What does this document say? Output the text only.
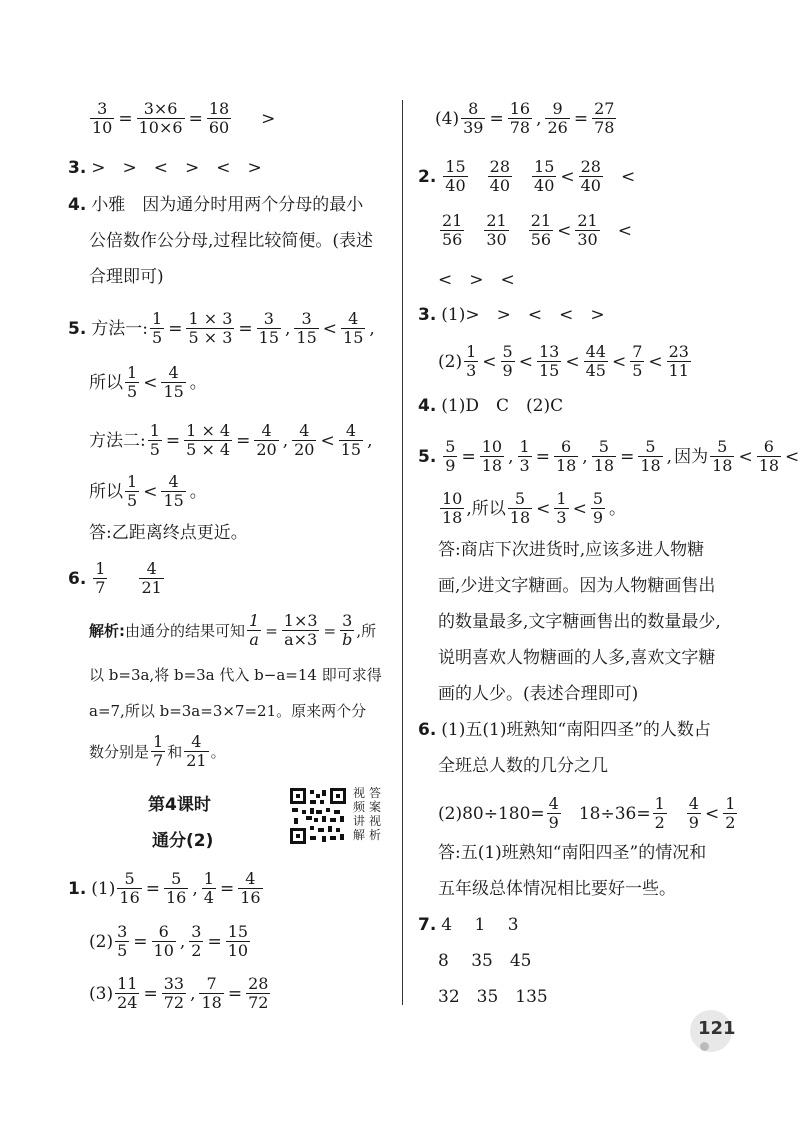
$\frac{3}{10} = \frac{3\times 6}{10\times 6} = \frac{18}{60}$ >
3. >　>　<　>　<　>
4. 小雅　因为通分时用两个分母的最小
公倍数作公分母,过程比较简便。(表述
合理即可)
5. 方法一: $\frac{1}{5} = \frac{1 \times 3}{5 \times 3} = \frac{3}{15}$ , $\frac{3}{15} < \frac{4}{15}$ ,
所以 $\frac{1}{5} < \frac{4}{15}$ 。
方法二: $\frac{1}{5} = \frac{1 \times 4}{5 \times 4} = \frac{4}{20}$ , $\frac{4}{20} < \frac{4}{15}$ ,
所以 $\frac{1}{5} < \frac{4}{15}$ 。
答:乙距离终点更近。
6. $\frac{1}{7} \frac{4}{21}$
解析: 由通分的结果可知 $\frac{1}{a} = \frac{1\times 3}{a\times 3} = \frac{3}{b}$ ,所
以 b=3a,将 b=3a 代入 b−a=14 即可求得
a=7,所以 b=3a=3×7=21。原来两个分
数分别是 $\frac{1}{7}$ 和 $\frac{4}{21}$ 。
第4课时
通分(2)
视
频
讲
解
答
案
视
析
1. $(1) \frac{5}{16} = \frac{5}{16}$ , $\frac{1}{4} = \frac{4}{16}$
$(2) \frac{3}{5} = \frac{6}{10}$ , $\frac{3}{2} = \frac{15}{10}$
$(3) \frac{11}{24} = \frac{33}{72}$ , $\frac{7}{18} = \frac{28}{72}$
$(4) \frac{8}{39} = \frac{16}{78}$ , $\frac{9}{26} = \frac{27}{78}$
2. $\frac{15}{40} \frac{28}{40} \frac{15}{40} < \frac{28}{40}$ <
$\frac{21}{56} \frac{21}{30} \frac{21}{56} < \frac{21}{30}$ <
<　>　<
3. (1)>　>　<　<　>
$(2) \frac{1}{3} < \frac{5}{9} < \frac{13}{15} < \frac{44}{45} < \frac{7}{5} < \frac{23}{11}$
4. (1)D　C　(2)C
5. $\frac{5}{9} = \frac{10}{18}$ , $\frac{1}{3} = \frac{6}{18}$ , $\frac{5}{18} = \frac{5}{18}$ , 因为 $\frac{5}{18} < \frac{6}{18}$ <
$\frac{10}{18}$ ,所以 $\frac{5}{18} < \frac{1}{3} < \frac{5}{9}$ 。
答:商店下次进货时,应该多进人物糖
画,少进文字糖画。因为人物糖画售出
的数量最多,文字糖画售出的数量最少,
说明喜欢人物糖画的人多,喜欢文字糖
画的人少。(表述合理即可)
6. (1)五(1)班熟知“南阳四圣”的人数占
全班总人数的几分之几
$(2)80\div 180= \frac{4}{9} 18\div 36= \frac{1}{2} \frac{4}{9} < \frac{1}{2}$
答:五(1)班熟知“南阳四圣”的情况和
五年级总体情况相比要好一些。
7. 4　 1　 3
8　 35　45
32　35　135
121
